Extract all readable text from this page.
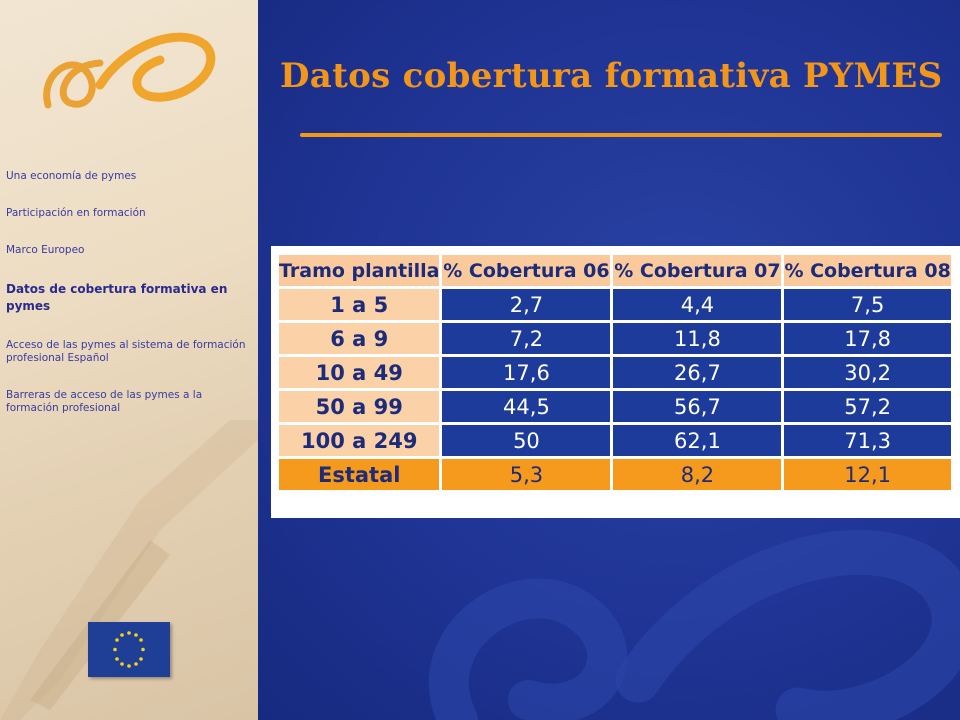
Una economía de pymes
Participación en formación
Marco Europeo
Datos de cobertura formativa en pymes
Acceso de las pymes al sistema de formación profesional Español
Barreras de acceso de las pymes a la formación profesional
Datos cobertura formativa PYMES
Tramo plantilla	% Cobertura 06	% Cobertura 07	% Cobertura 08
1 a 5	2,7	4,4	7,5
6 a 9	7,2	11,8	17,8
10 a 49	17,6	26,7	30,2
50 a 99	44,5	56,7	57,2
100 a 249	50	62,1	71,3
Estatal	5,3	8,2	12,1
